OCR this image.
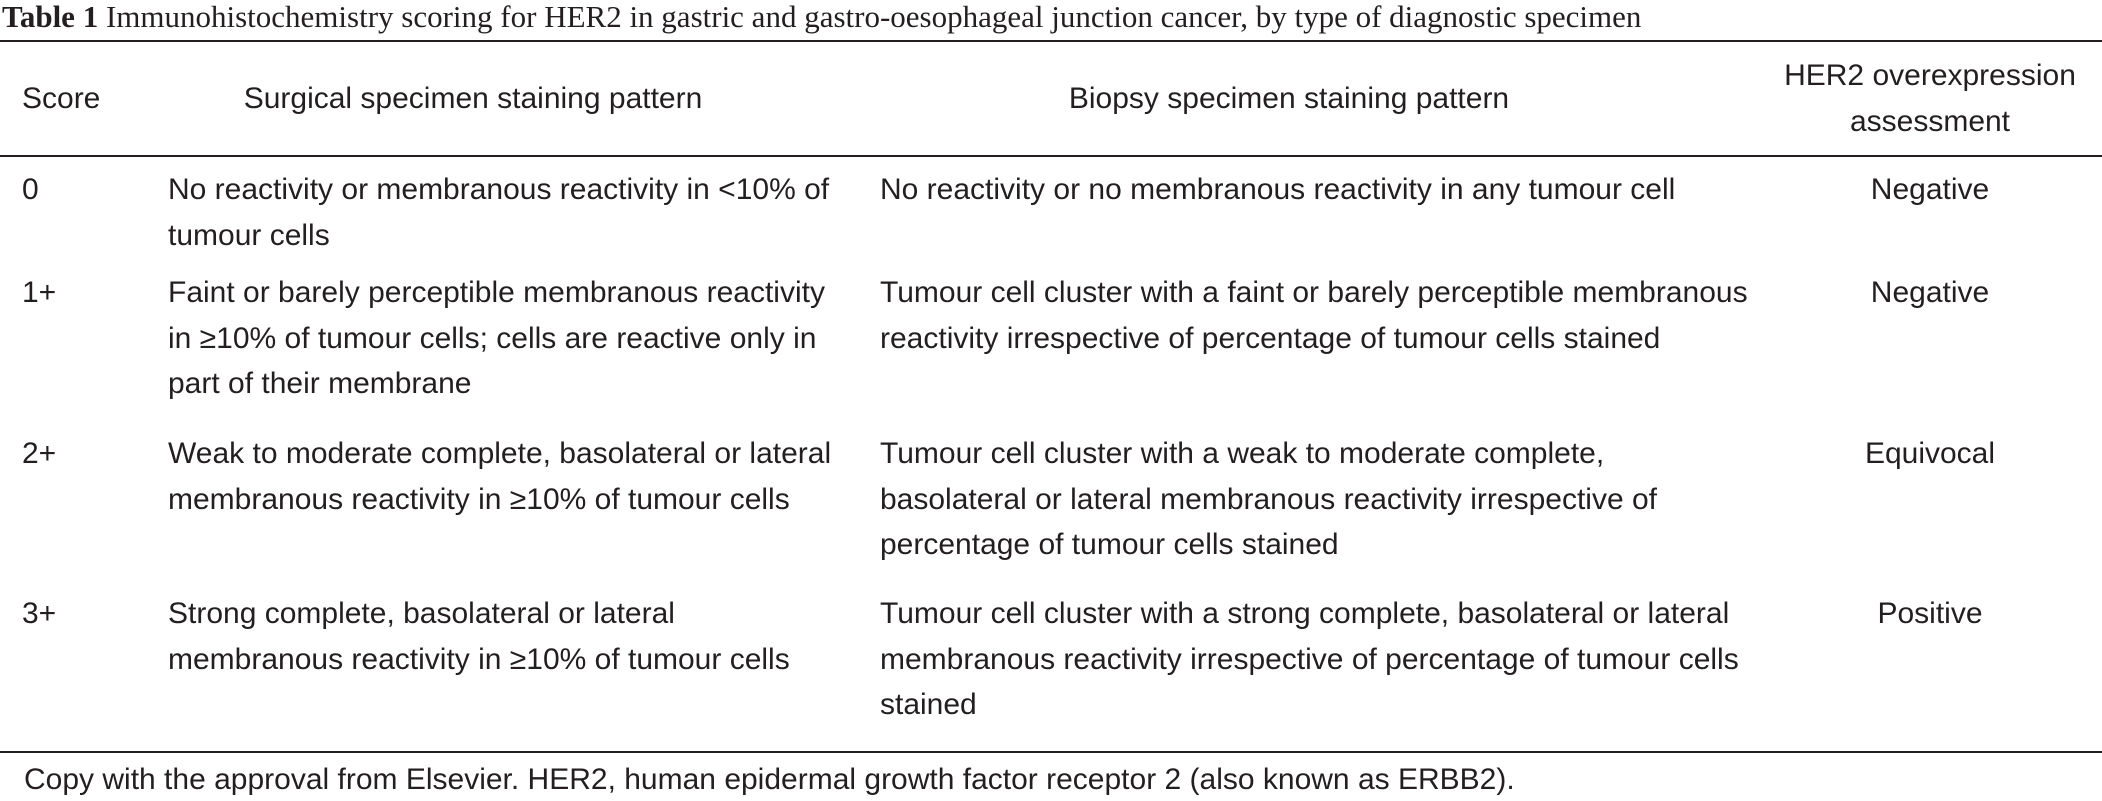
Table 1 Immunohistochemistry scoring for HER2 in gastric and gastro-oesophageal junction cancer, by type of diagnostic specimen
Score	Surgical specimen staining pattern	Biopsy specimen staining pattern	HER2 overexpression assessment
0	No reactivity or membranous reactivity in <10% of tumour cells	No reactivity or no membranous reactivity in any tumour cell	Negative
1+	Faint or barely perceptible membranous reactivity in ≥10% of tumour cells; cells are reactive only in part of their membrane	Tumour cell cluster with a faint or barely perceptible membranous reactivity irrespective of percentage of tumour cells stained	Negative
2+	Weak to moderate complete, basolateral or lateral membranous reactivity in ≥10% of tumour cells	Tumour cell cluster with a weak to moderate complete, basolateral or lateral membranous reactivity irrespective of percentage of tumour cells stained	Equivocal
3+	Strong complete, basolateral or lateral membranous reactivity in ≥10% of tumour cells	Tumour cell cluster with a strong complete, basolateral or lateral membranous reactivity irrespective of percentage of tumour cells stained	Positive
Copy with the approval from Elsevier. HER2, human epidermal growth factor receptor 2 (also known as ERBB2).
